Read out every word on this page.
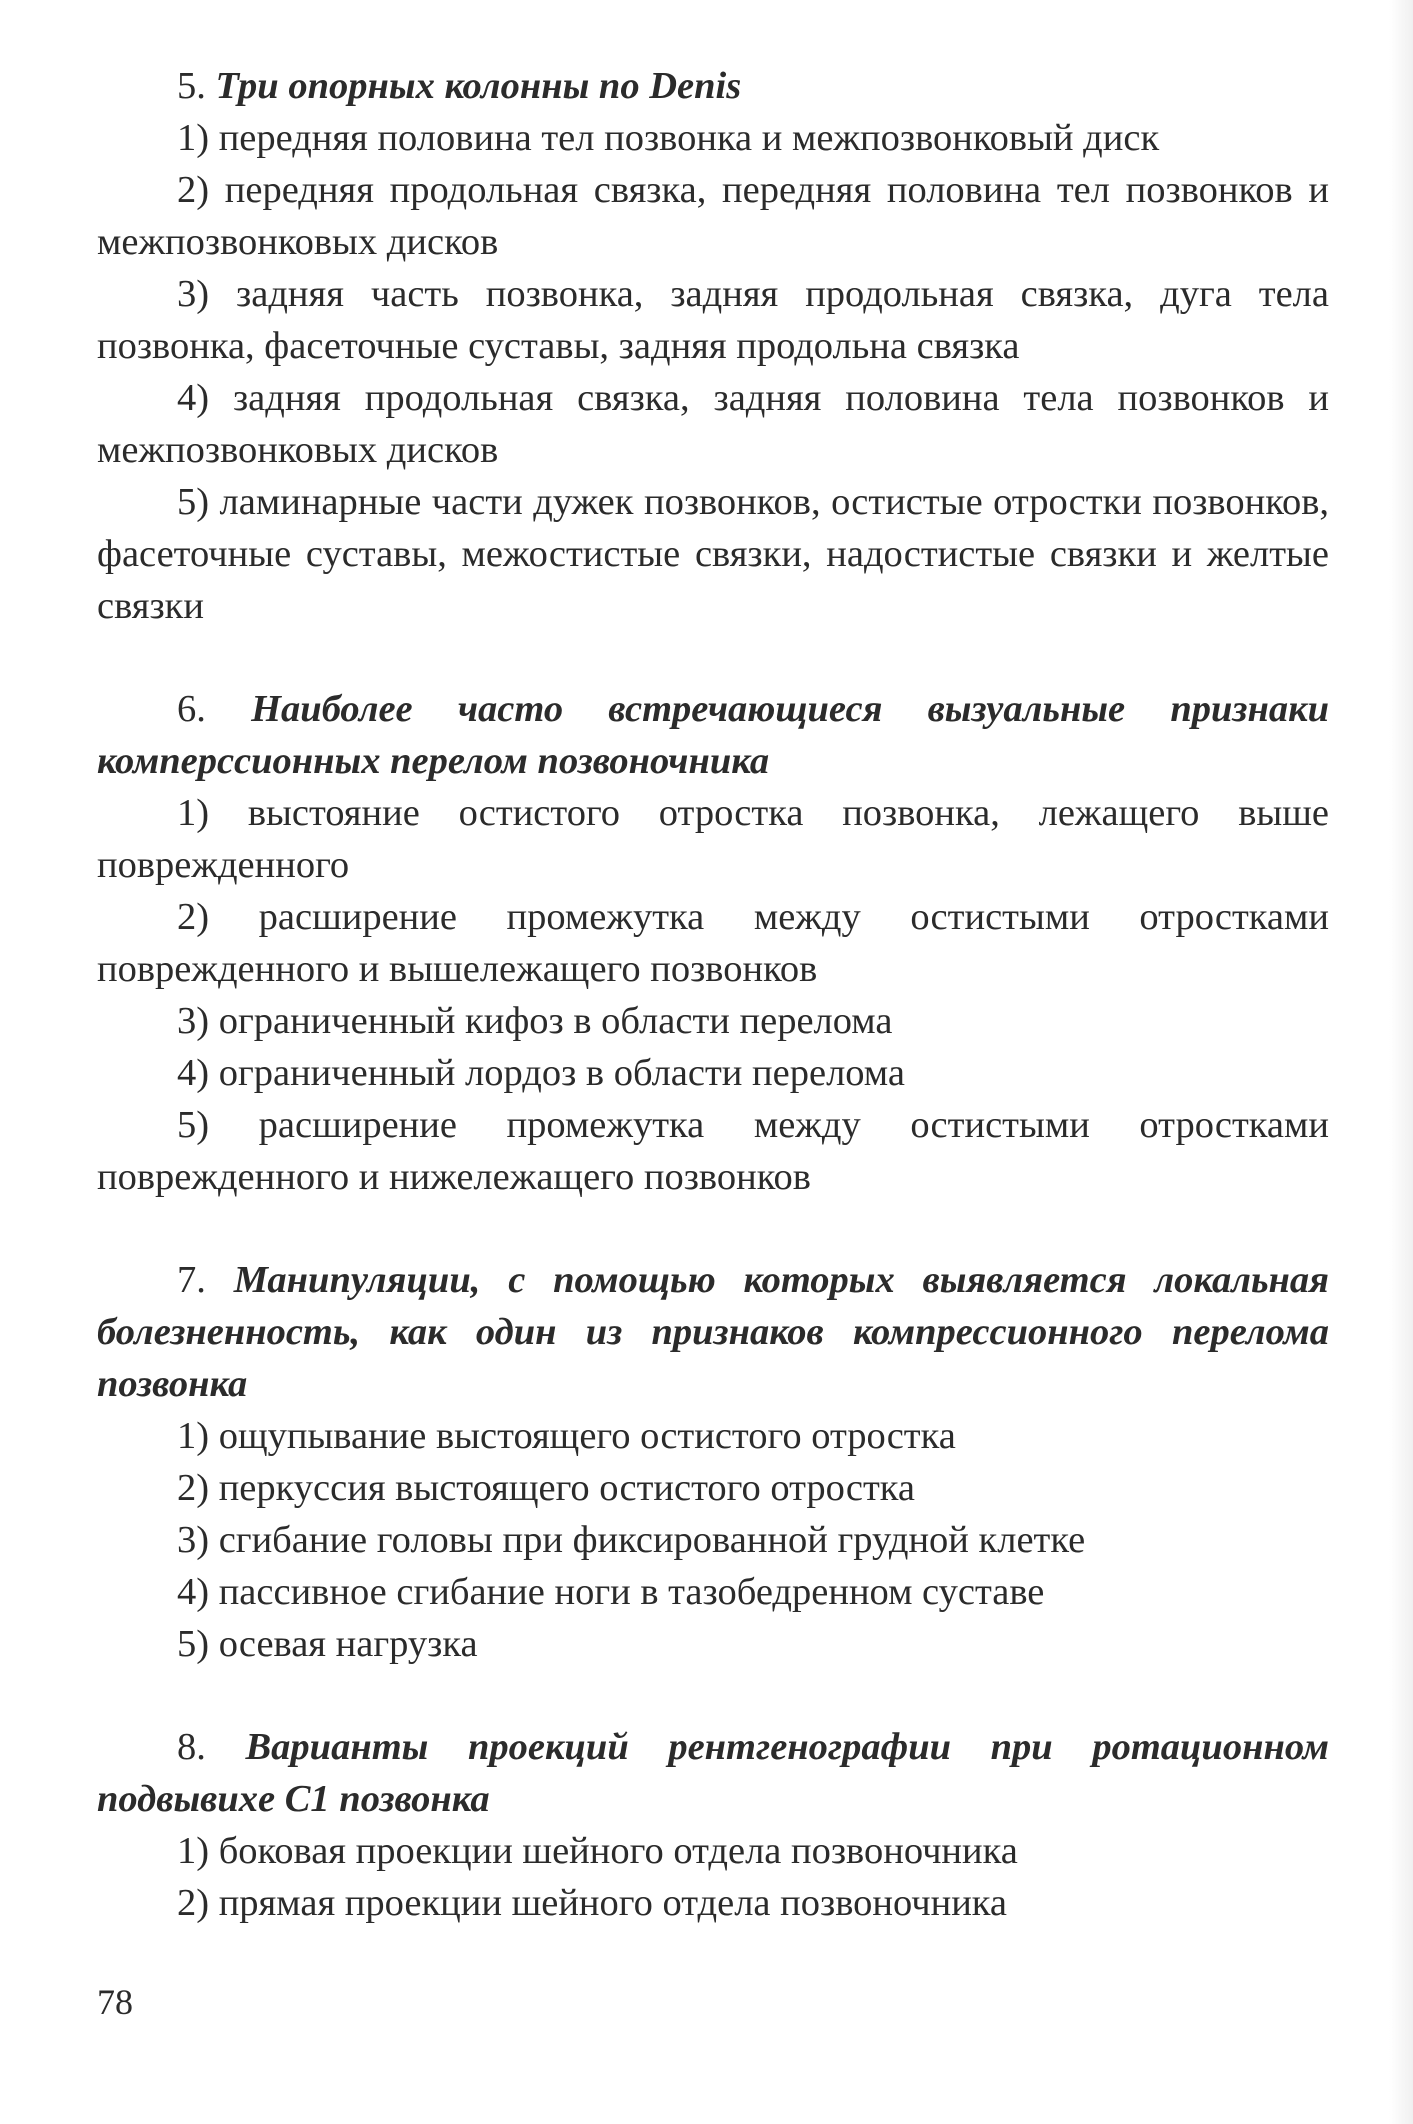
5. Три опорных колонны по Denis

1) передняя половина тел позвонка и межпозвонковый диск
2) передняя продольная связка, передняя половина тел позвонков и межпозвонковых дисков
3) задняя часть позвонка, задняя продольная связка, дуга тела позвонка, фасеточные суставы, задняя продольна связка
4) задняя продольная связка, задняя половина тела позвонков и межпозвонковых дисков
5) ламинарные части дужек позвонков, остистые отростки позвонков, фасеточные суставы, межостистые связки, надостистые связки и желтые связки

6. Наиболее часто встречающиеся вызуальные признаки комперссионных перелом позвоночника

1) выстояние остистого отростка позвонка, лежащего выше поврежденного
2) расширение промежутка между остистыми отростками поврежденного и вышележащего позвонков
3) ограниченный кифоз в области перелома
4) ограниченный лордоз в области перелома
5) расширение промежутка между остистыми отростками поврежденного и нижележащего позвонков

7. Манипуляции, с помощью которых выявляется локальная болезненность, как один из признаков компрессионного перелома позвонка

1) ощупывание выстоящего остистого отростка
2) перкуссия выстоящего остистого отростка
3) сгибание головы при фиксированной грудной клетке
4) пассивное сгибание ноги в тазобедренном суставе
5) осевая нагрузка

8. Варианты проекций рентгенографии при ротационном подвывихе С1 позвонка

1) боковая проекции шейного отдела позвоночника
2) прямая проекции шейного отдела позвоночника
78
